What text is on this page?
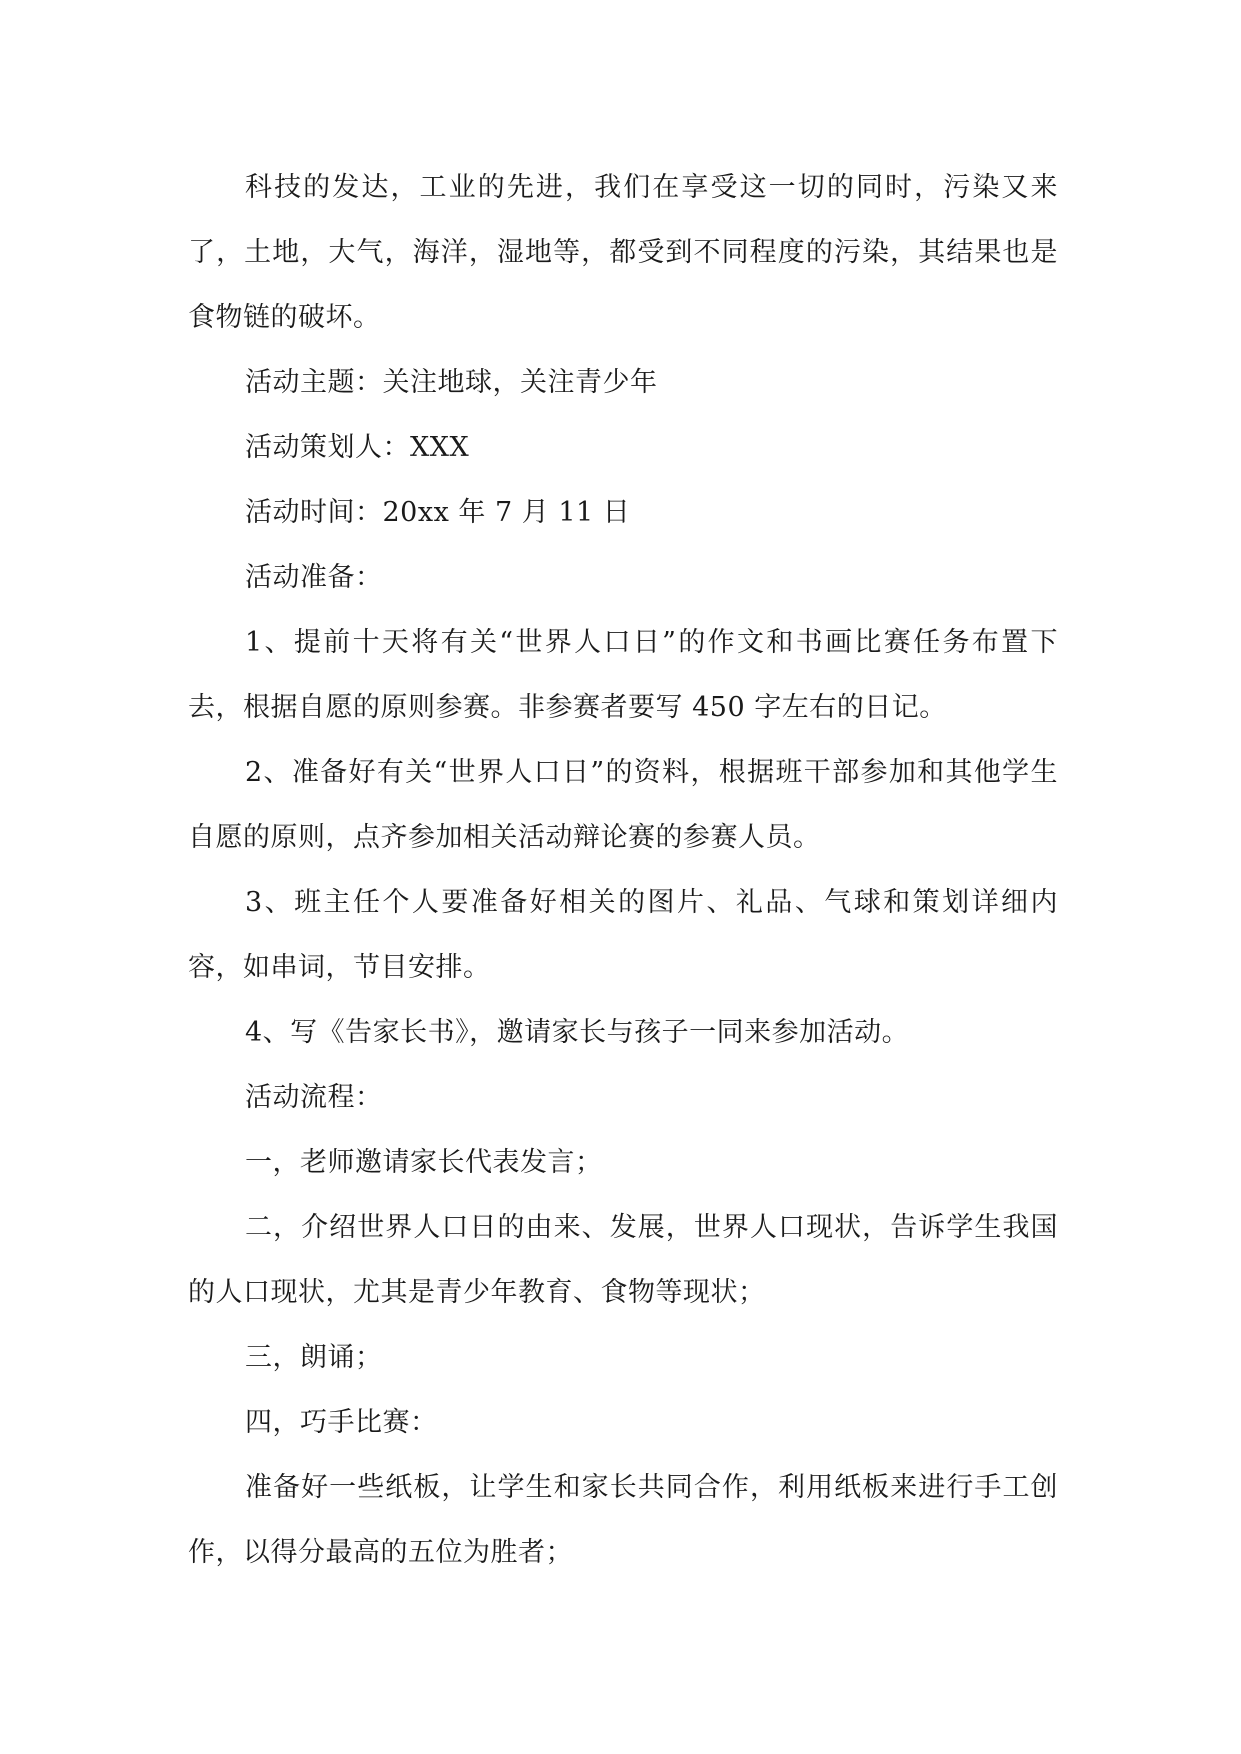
科技的发达，工业的先进，我们在享受这一切的同时，污染又来了，土地，大气，海洋，湿地等，都受到不同程度的污染，其结果也是食物链的破坏。

活动主题：关注地球，关注青少年

活动策划人：XXX

活动时间：20xx 年 7 月 11 日

活动准备：

1、提前十天将有关“世界人口日”的作文和书画比赛任务布置下去，根据自愿的原则参赛。非参赛者要写 450 字左右的日记。

2、准备好有关“世界人口日”的资料，根据班干部参加和其他学生自愿的原则，点齐参加相关活动辩论赛的参赛人员。

3、班主任个人要准备好相关的图片、礼品、气球和策划详细内容，如串词，节目安排。

4、写《告家长书》，邀请家长与孩子一同来参加活动。

活动流程：

一，老师邀请家长代表发言；

二，介绍世界人口日的由来、发展，世界人口现状，告诉学生我国的人口现状，尤其是青少年教育、食物等现状；

三，朗诵；

四，巧手比赛：

准备好一些纸板，让学生和家长共同合作，利用纸板来进行手工创作，以得分最高的五位为胜者；
